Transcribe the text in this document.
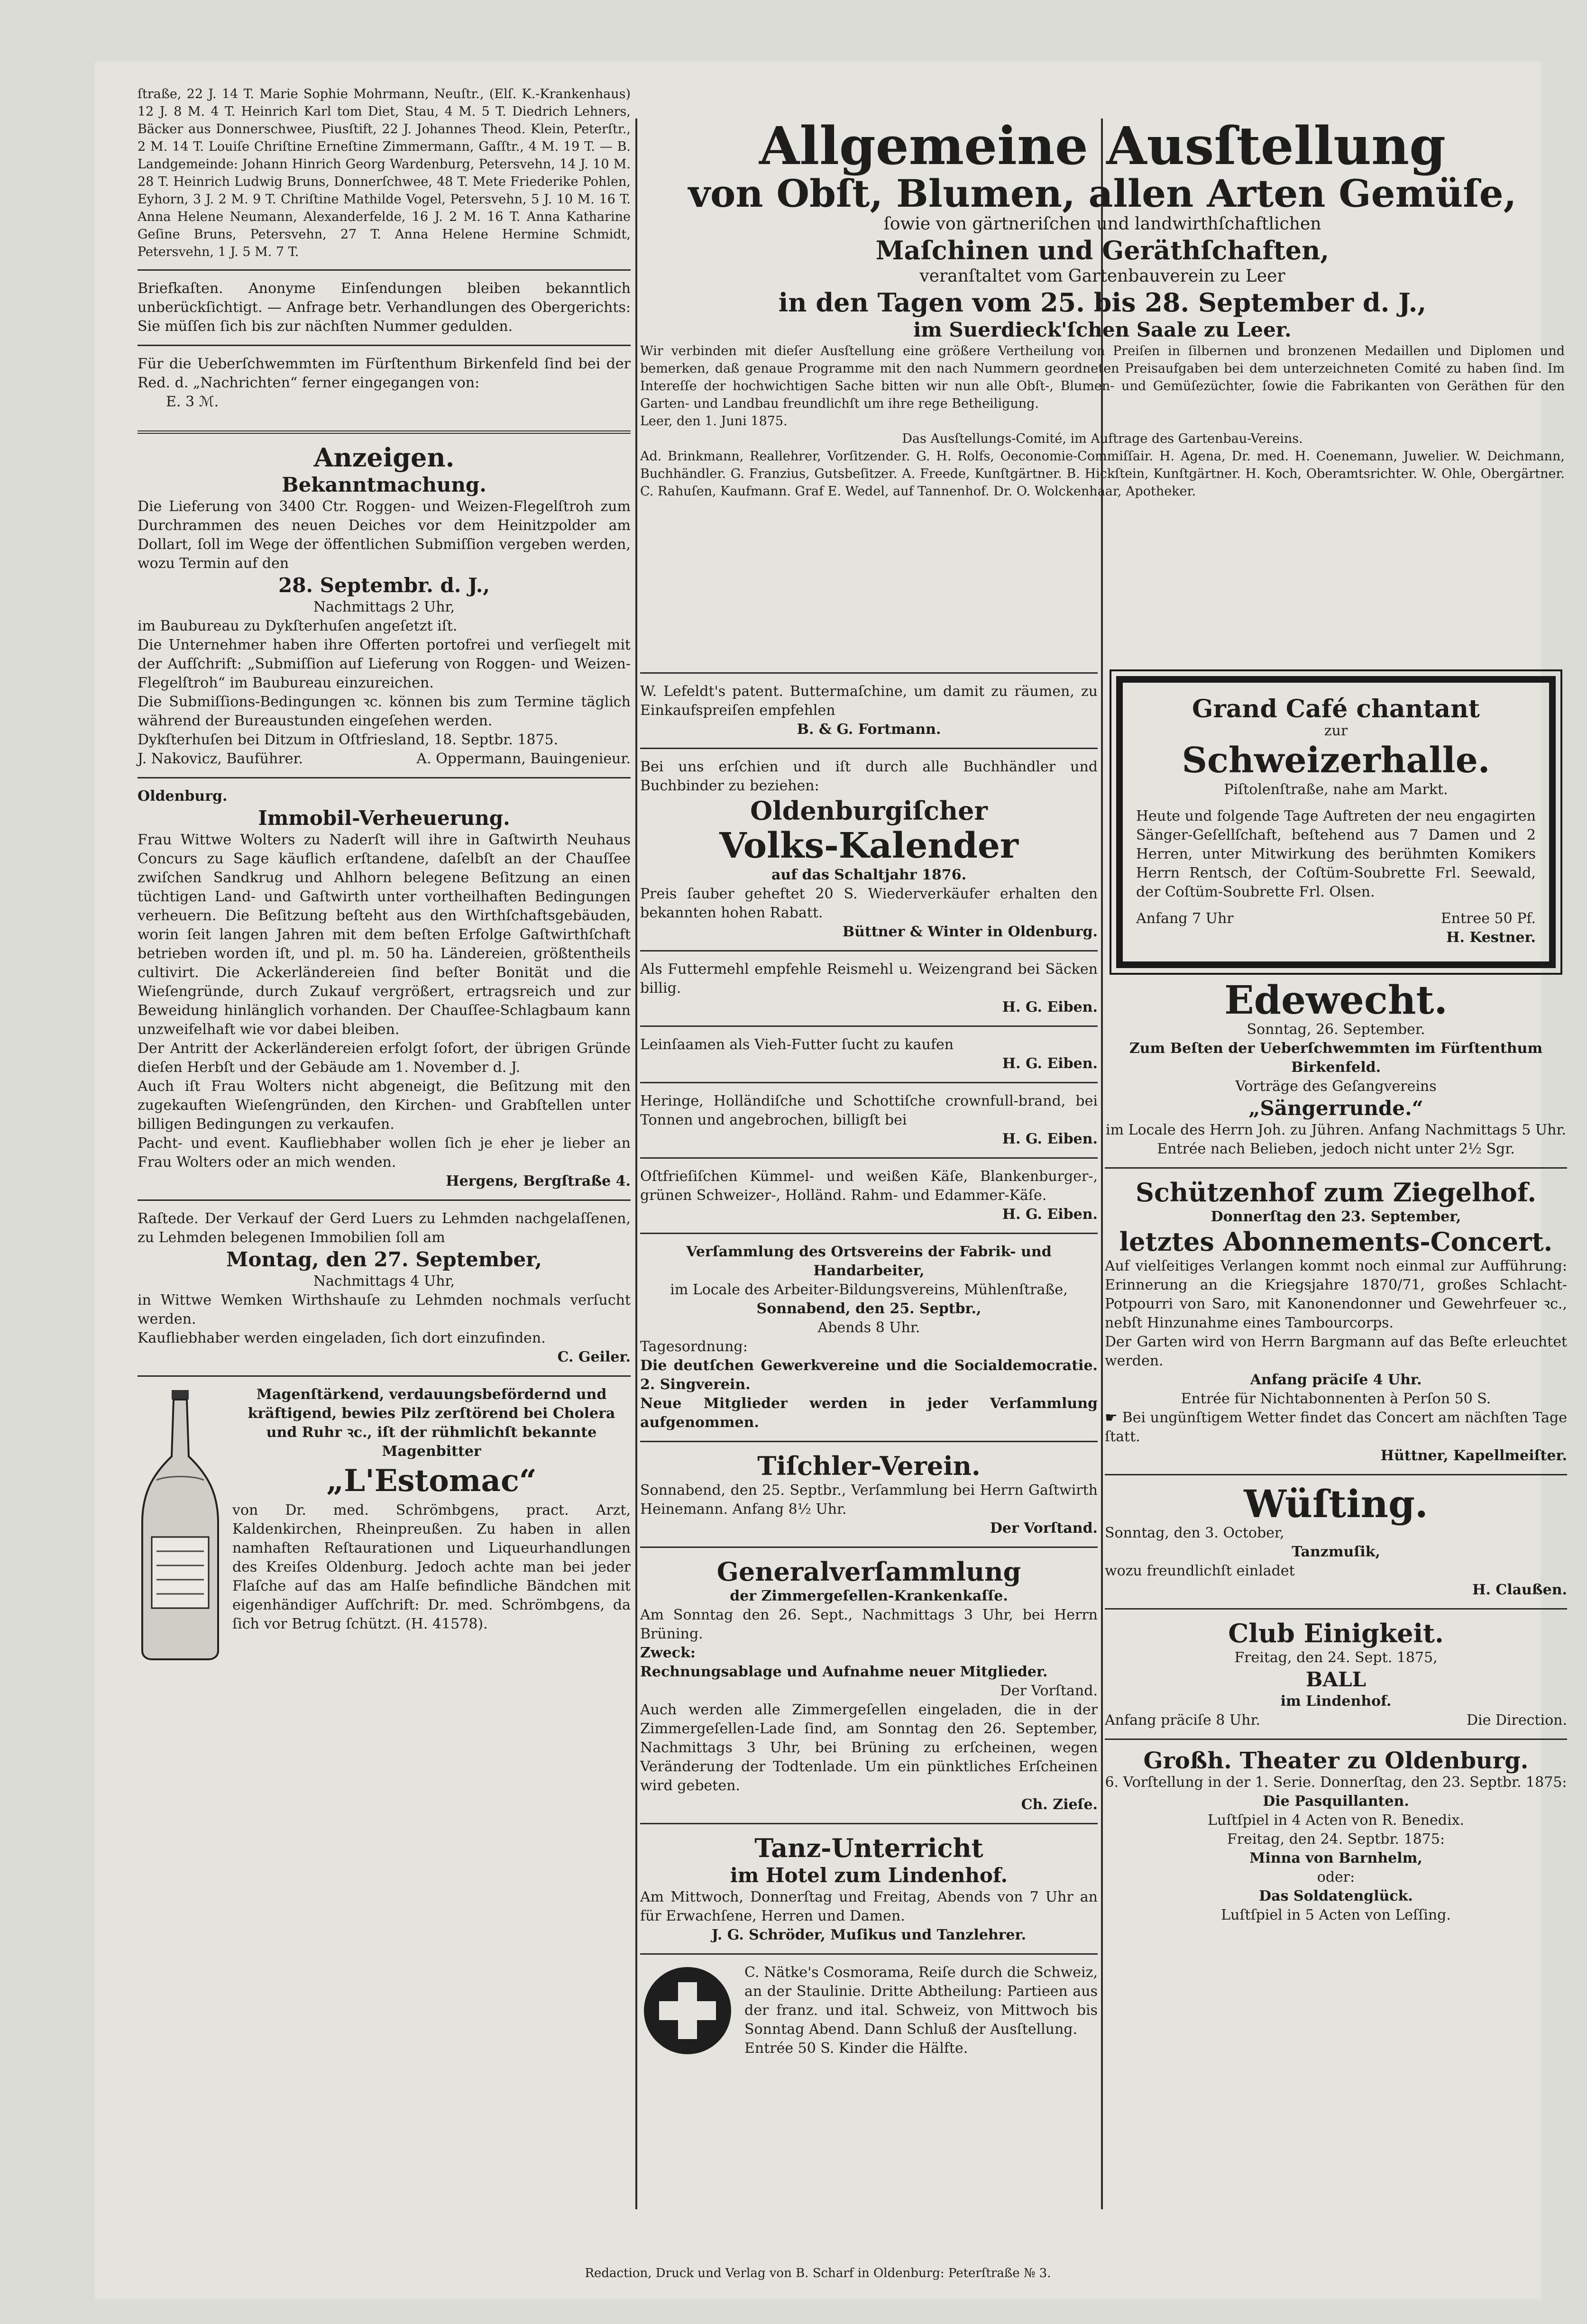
ſtraße, 22 J. 14 T. Marie Sophie Mohrmann, Neuſtr., (Elſ. K.-Krankenhaus) 12 J. 8 M. 4 T. Heinrich Karl tom Diet, Stau, 4 M. 5 T. Diedrich Lehners, Bäcker aus Donnerschwee, Piusſtift, 22 J. Johannes Theod. Klein, Peterſtr., 2 M. 14 T. Louiſe Chriſtine Erneſtine Zimmermann, Gaſſtr., 4 M. 19 T. — B. Landgemeinde: Johann Hinrich Georg Wardenburg, Petersvehn, 14 J. 10 M. 28 T. Heinrich Ludwig Bruns, Donnerſchwee, 48 T. Mete Friederike Pohlen, Eyhorn, 3 J. 2 M. 9 T. Chriſtine Mathilde Vogel, Petersvehn, 5 J. 10 M. 16 T. Anna Helene Neumann, Alexanderfelde, 16 J. 2 M. 16 T. Anna Katharine Geſine Bruns, Petersvehn, 27 T. Anna Helene Hermine Schmidt, Petersvehn, 1 J. 5 M. 7 T.
Briefkaſten. Anonyme Einſendungen bleiben bekanntlich unberückſichtigt. — Anfrage betr. Verhandlungen des Obergerichts: Sie müſſen ſich bis zur nächſten Nummer gedulden.
Für die Ueberſchwemmten im Fürſtenthum Birkenfeld ſind bei der Red. d. „Nachrichten“ ferner eingegangen von:
E. 3 ℳ.
Anzeigen.
Bekanntmachung.
Die Lieferung von 3400 Ctr. Roggen- und Weizen-Flegelſtroh zum Durchrammen des neuen Deiches vor dem Heinitzpolder am Dollart, ſoll im Wege der öffentlichen Submiſſion vergeben werden, wozu Termin auf den
28. Septembr. d. J.,
Nachmittags 2 Uhr,
im Baubureau zu Dykſterhuſen angeſetzt iſt.
Die Unternehmer haben ihre Offerten portofrei und verſiegelt mit der Aufſchrift: „Submiſſion auf Lieferung von Roggen- und Weizen-Flegelſtroh“ im Baubureau einzureichen.
Die Submiſſions-Bedingungen ꝛc. können bis zum Termine täglich während der Bureaustunden eingeſehen werden.
Dykſterhuſen bei Ditzum in Oſtfriesland, 18. Septbr. 1875.
J. Nakovicz, Bauführer.	A. Oppermann, Bauingenieur.
Oldenburg.
Immobil-Verheuerung.
Frau Wittwe Wolters zu Naderſt will ihre in Gaſtwirth Neuhaus Concurs zu Sage käuflich erſtandene, daſelbſt an der Chauſſee zwiſchen Sandkrug und Ahlhorn belegene Beſitzung an einen tüchtigen Land- und Gaſtwirth unter vortheilhaften Bedingungen verheuern. Die Beſitzung beſteht aus den Wirthſchaftsgebäuden, worin ſeit langen Jahren mit dem beſten Erfolge Gaſtwirthſchaft betrieben worden iſt, und pl. m. 50 ha. Ländereien, größtentheils cultivirt. Die Ackerländereien ſind beſter Bonität und die Wieſengründe, durch Zukauf vergrößert, ertragsreich und zur Beweidung hinlänglich vorhanden. Der Chauſſee-Schlagbaum kann unzweifelhaft wie vor dabei bleiben.
Der Antritt der Ackerländereien erfolgt ſofort, der übrigen Gründe dieſen Herbſt und der Gebäude am 1. November d. J.
Auch iſt Frau Wolters nicht abgeneigt, die Beſitzung mit den zugekauften Wieſengründen, den Kirchen- und Grabſtellen unter billigen Bedingungen zu verkaufen.
Pacht- und event. Kaufliebhaber wollen ſich je eher je lieber an Frau Wolters oder an mich wenden.
Hergens, Bergſtraße 4.
Raſtede. Der Verkauf der Gerd Luers zu Lehmden nachgelaſſenen, zu Lehmden belegenen Immobilien ſoll am
Montag, den 27. September,
Nachmittags 4 Uhr,
in Wittwe Wemken Wirthshauſe zu Lehmden nochmals verſucht werden.
Kaufliebhaber werden eingeladen, ſich dort einzufinden.
C. Geiler.
Magenſtärkend, verdauungsbefördernd und kräftigend, bewies Pilz zerſtörend bei Cholera und Ruhr ꝛc., iſt der rühmlichſt bekannte Magenbitter
„L'Estomac“
von Dr. med. Schrömbgens, pract. Arzt, Kaldenkirchen, Rheinpreußen. Zu haben in allen namhaften Reſtaurationen und Liqueurhandlungen des Kreiſes Oldenburg. Jedoch achte man bei jeder Flaſche auf das am Halſe befindliche Bändchen mit eigenhändiger Aufſchrift: Dr. med. Schrömbgens, da ſich vor Betrug ſchützt. (H. 41578).
Allgemeine Ausſtellung
von Obſt, Blumen, allen Arten Gemüſe,
ſowie von gärtneriſchen und landwirthſchaftlichen
Maſchinen und Geräthſchaften,
veranſtaltet vom Gartenbauverein zu Leer
in den Tagen vom 25. bis 28. September d. J.,
im Suerdieck'ſchen Saale zu Leer.
Wir verbinden mit dieſer Ausſtellung eine größere Vertheilung von Preiſen in ſilbernen und bronzenen Medaillen und Diplomen und bemerken, daß genaue Programme mit den nach Nummern geordneten Preisaufgaben bei dem unterzeichneten Comité zu haben ſind. Im Intereſſe der hochwichtigen Sache bitten wir nun alle Obſt-, Blumen- und Gemüſezüchter, ſowie die Fabrikanten von Geräthen für den Garten- und Landbau freundlichſt um ihre rege Betheiligung.
Leer, den 1. Juni 1875.
Das Ausſtellungs-Comité, im Auftrage des Gartenbau-Vereins.
Ad. Brinkmann, Reallehrer, Vorſitzender. G. H. Rolfs, Oeconomie-Commiſſair. H. Agena, Dr. med. H. Coenemann, Juwelier. W. Deichmann, Buchhändler. G. Franzius, Gutsbeſitzer. A. Freede, Kunſtgärtner. B. Hickſtein, Kunſtgärtner. H. Koch, Oberamtsrichter. W. Ohle, Obergärtner. C. Rahuſen, Kaufmann. Graf E. Wedel, auf Tannenhof. Dr. O. Wolckenhaar, Apotheker.
W. Lefeldt's patent. Buttermaſchine, um damit zu räumen, zu Einkaufspreiſen empfehlen
B. & G. Fortmann.
Bei uns erſchien und iſt durch alle Buchhändler und Buchbinder zu beziehen:
Oldenburgiſcher
Volks-Kalender
auf das Schaltjahr 1876.
Preis ſauber geheftet 20 S. Wiederverkäufer erhalten den bekannten hohen Rabatt.
Büttner & Winter in Oldenburg.
Als Futtermehl empfehle Reismehl u. Weizengrand bei Säcken billig.
H. G. Eiben.
Leinſaamen als Vieh-Futter ſucht zu kaufen
H. G. Eiben.
Heringe, Holländiſche und Schottiſche crownfull-brand, bei Tonnen und angebrochen, billigſt bei
H. G. Eiben.
Oſtfrieſiſchen Kümmel- und weißen Käſe, Blankenburger-, grünen Schweizer-, Holländ. Rahm- und Edammer-Käſe.
H. G. Eiben.
Verſammlung des Ortsvereins der Fabrik- und Handarbeiter,
im Locale des Arbeiter-Bildungsvereins, Mühlenſtraße,
Sonnabend, den 25. Septbr.,
Abends 8 Uhr.
Tagesordnung:
Die deutſchen Gewerkvereine und die Socialdemocratie. 2. Singverein.
Neue Mitglieder werden in jeder Verſammlung aufgenommen.
Tiſchler-Verein.
Sonnabend, den 25. Septbr., Verſammlung bei Herrn Gaſtwirth Heinemann. Anfang 8½ Uhr.
Der Vorſtand.
Generalverſammlung
der Zimmergeſellen-Krankenkaſſe.
Am Sonntag den 26. Sept., Nachmittags 3 Uhr, bei Herrn Brüning.
Zweck:
Rechnungsablage und Aufnahme neuer Mitglieder.
Der Vorſtand.
Auch werden alle Zimmergeſellen eingeladen, die in der Zimmergeſellen-Lade ſind, am Sonntag den 26. September, Nachmittags 3 Uhr, bei Brüning zu erſcheinen, wegen Veränderung der Todtenlade. Um ein pünktliches Erſcheinen wird gebeten.
Ch. Zieſe.
Tanz-Unterricht
im Hotel zum Lindenhof.
Am Mittwoch, Donnerſtag und Freitag, Abends von 7 Uhr an für Erwachſene, Herren und Damen.
J. G. Schröder, Muſikus und Tanzlehrer.
C. Nätke's Cosmorama, Reiſe durch die Schweiz, an der Staulinie. Dritte Abtheilung: Partieen aus der franz. und ital. Schweiz, von Mittwoch bis Sonntag Abend. Dann Schluß der Ausſtellung.
Entrée 50 S. Kinder die Hälfte.
Grand Café chantant
zur
Schweizerhalle.
Piſtolenſtraße, nahe am Markt.
Heute und folgende Tage Auftreten der neu engagirten Sänger-Geſellſchaft, beſtehend aus 7 Damen und 2 Herren, unter Mitwirkung des berühmten Komikers Herrn Rentsch, der Coſtüm-Soubrette Frl. Seewald, der Coſtüm-Soubrette Frl. Olsen.
Anfang 7 Uhr	Entree 50 Pf.
H. Kestner.
Edewecht.
Sonntag, 26. September.
Zum Beſten der Ueberſchwemmten im Fürſtenthum Birkenfeld.
Vorträge des Geſangvereins
„Sängerrunde.“
im Locale des Herrn Joh. zu Jühren. Anfang Nachmittags 5 Uhr.
Entrée nach Belieben, jedoch nicht unter 2½ Sgr.
Schützenhof zum Ziegelhof.
Donnerſtag den 23. September,
letztes Abonnements-Concert.
Auf vielſeitiges Verlangen kommt noch einmal zur Aufführung: Erinnerung an die Kriegsjahre 1870/71, großes Schlacht-Potpourri von Saro, mit Kanonendonner und Gewehrfeuer ꝛc., nebſt Hinzunahme eines Tambourcorps.
Der Garten wird von Herrn Bargmann auf das Beſte erleuchtet werden.
Anfang präciſe 4 Uhr.
Entrée für Nichtabonnenten à Perſon 50 S.
☛ Bei ungünſtigem Wetter findet das Concert am nächſten Tage ſtatt.
Hüttner, Kapellmeiſter.
Wüſting.
Sonntag, den 3. October,
Tanzmuſik,
wozu freundlichſt einladet
H. Claußen.
Club Einigkeit.
Freitag, den 24. Sept. 1875,
BALL
im Lindenhof.
Anfang präciſe 8 Uhr.	Die Direction.
Großh. Theater zu Oldenburg.
6. Vorſtellung in der 1. Serie. Donnerſtag, den 23. Septbr. 1875:
Die Pasquillanten.
Luſtſpiel in 4 Acten von R. Benedix.
Freitag, den 24. Septbr. 1875:
Minna von Barnhelm,
oder:
Das Soldatenglück.
Luſtſpiel in 5 Acten von Leſſing.
Redaction, Druck und Verlag von B. Scharf in Oldenburg: Peterſtraße № 3.
